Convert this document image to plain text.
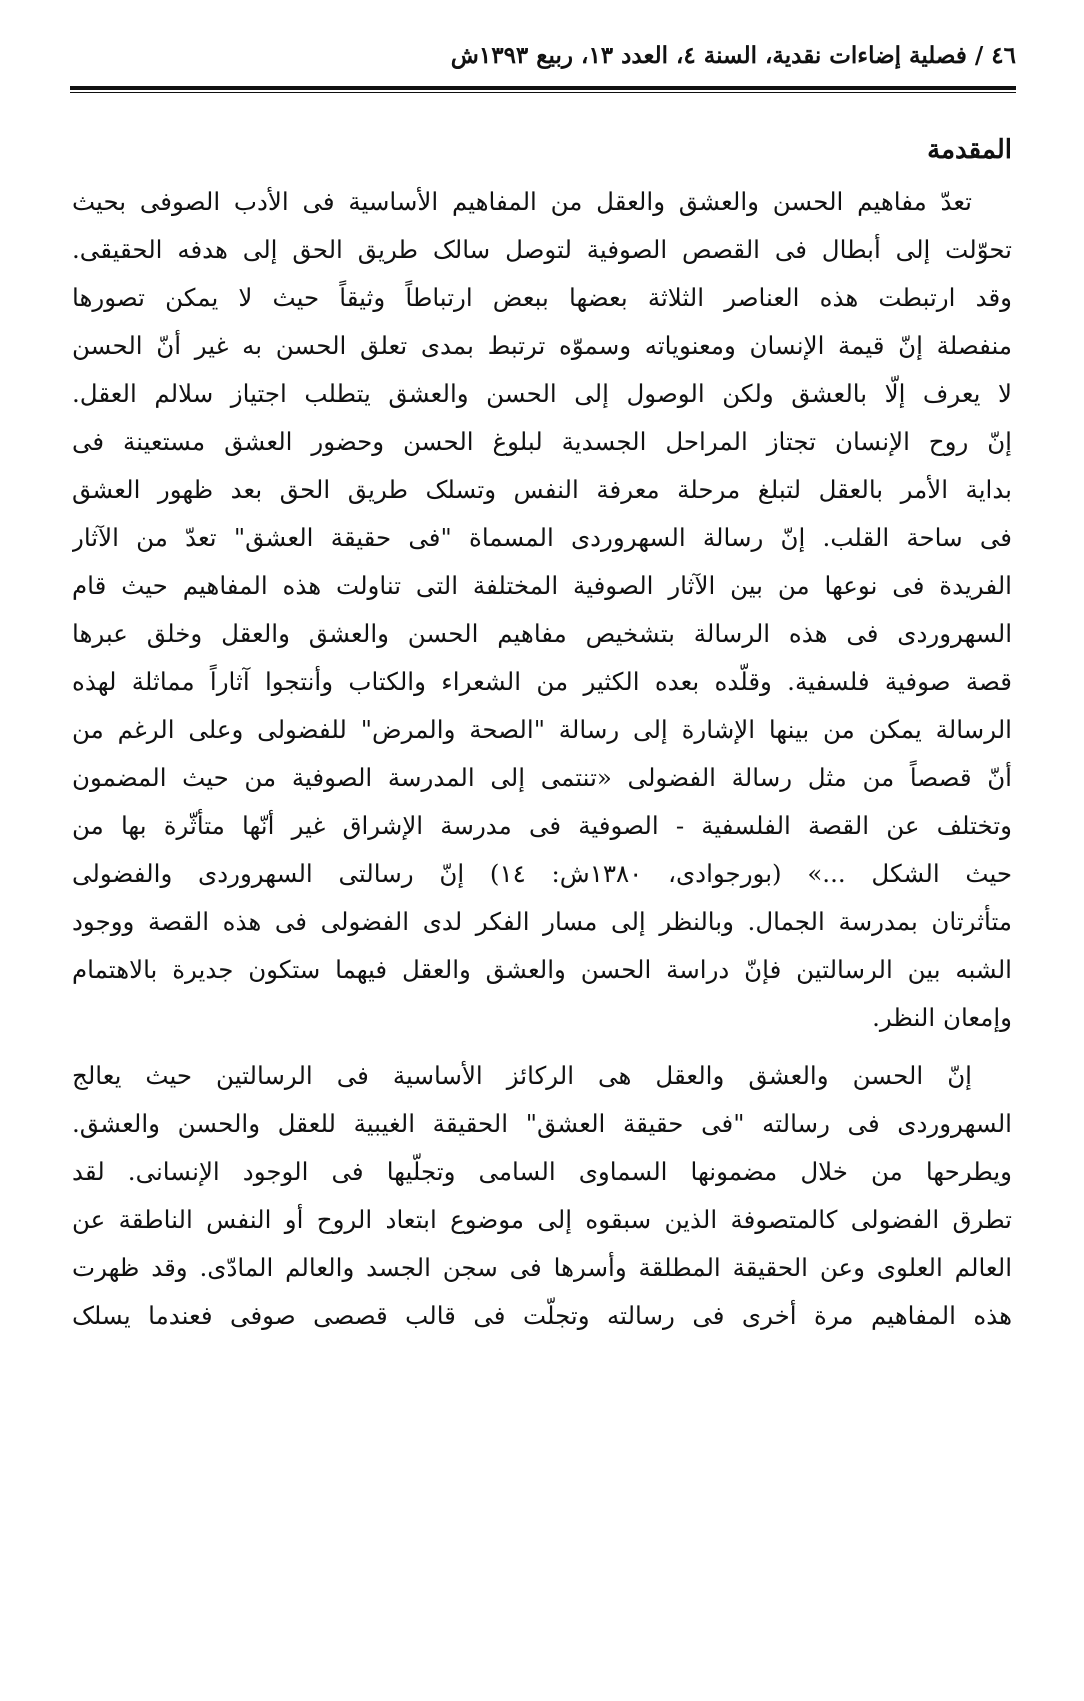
٤٦ / فصلية إضاءات نقدية، السنة ٤، العدد ١٣، ربيع ١٣٩٣ش
المقدمة
تعدّ مفاهيم الحسن والعشق والعقل من المفاهيم الأساسية فى الأدب الصوفى بحيث
تحوّلت إلى أبطال فى القصص الصوفية لتوصل سالک طريق الحق إلى هدفه الحقيقى.
وقد ارتبطت هذه العناصر الثلاثة بعضها ببعض ارتباطاً وثيقاً حيث لا يمكن تصورها
منفصلة إنّ قيمة الإنسان ومعنوياته وسموّه ترتبط بمدى تعلق الحسن به غير أنّ الحسن
لا يعرف إلّا بالعشق ولكن الوصول إلى الحسن والعشق يتطلب اجتياز سلالم العقل.
إنّ روح الإنسان تجتاز المراحل الجسدية لبلوغ الحسن وحضور العشق مستعينة فى
بداية الأمر بالعقل لتبلغ مرحلة معرفة النفس وتسلک طريق الحق بعد ظهور العشق
فى ساحة القلب. إنّ رسالة السهروردى المسماة "فى حقيقة العشق" تعدّ من الآثار
الفريدة فى نوعها من بين الآثار الصوفية المختلفة التى تناولت هذه المفاهيم حيث قام
السهروردى فى هذه الرسالة بتشخيص مفاهيم الحسن والعشق والعقل وخلق عبرها
قصة صوفية فلسفية. وقلّده بعده الكثير من الشعراء والكتاب وأنتجوا آثاراً مماثلة لهذه
الرسالة يمكن من بينها الإشارة إلى رسالة "الصحة والمرض" للفضولى وعلى الرغم من
أنّ قصصاً من مثل رسالة الفضولى «تنتمى إلى المدرسة الصوفية من حيث المضمون
وتختلف عن القصة الفلسفية - الصوفية فى مدرسة الإشراق غير أنّها متأثّرة بها من
حيث الشكل ...» (بورجوادى، ١٣٨٠ش: ١٤) إنّ رسالتى السهروردى والفضولى
متأثرتان بمدرسة الجمال. وبالنظر إلى مسار الفكر لدى الفضولى فى هذه القصة ووجود
الشبه بين الرسالتين فإنّ دراسة الحسن والعشق والعقل فيهما ستكون جديرة بالاهتمام
وإمعان النظر.
إنّ الحسن والعشق والعقل هى الركائز الأساسية فى الرسالتين حيث يعالج
السهروردى فى رسالته "فى حقيقة العشق" الحقيقة الغيبية للعقل والحسن والعشق.
ويطرحها من خلال مضمونها السماوى السامى وتجلّيها فى الوجود الإنسانى. لقد
تطرق الفضولى كالمتصوفة الذين سبقوه إلى موضوع ابتعاد الروح أو النفس الناطقة عن
العالم العلوى وعن الحقيقة المطلقة وأسرها فى سجن الجسد والعالم المادّى. وقد ظهرت
هذه المفاهيم مرة أخرى فى رسالته وتجلّت فى قالب قصصى صوفى فعندما يسلک
